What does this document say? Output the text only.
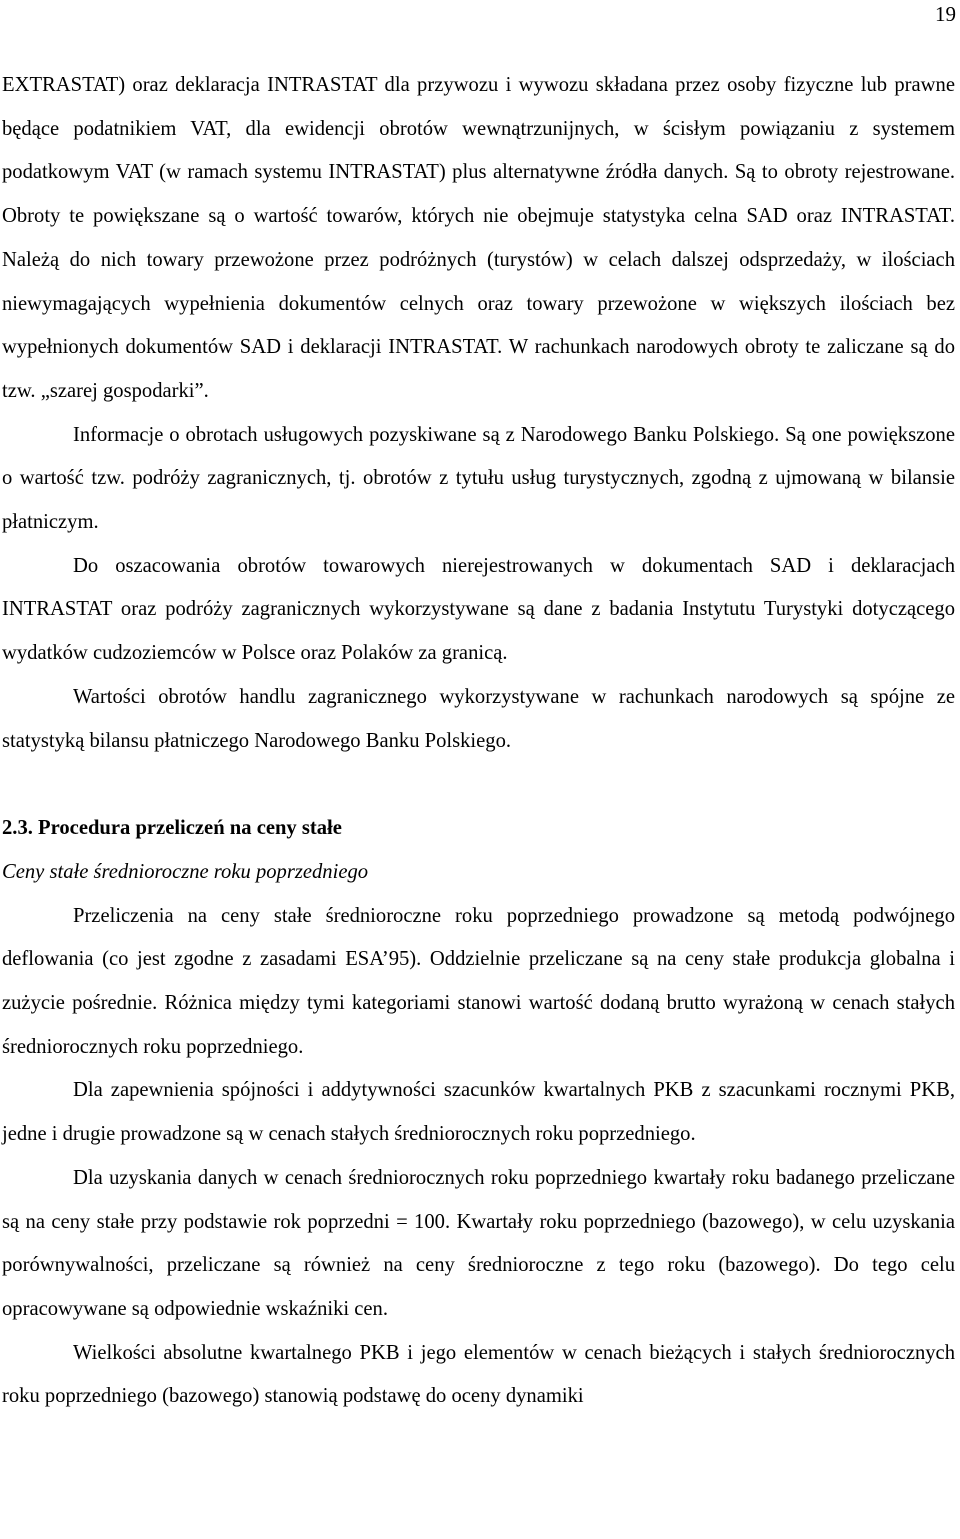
19

EXTRASTAT) oraz deklaracja INTRASTAT dla przywozu i wywozu składana przez osoby fizyczne lub prawne będące podatnikiem VAT, dla ewidencji obrotów wewnątrzunijnych, w ścisłym powiązaniu z systemem podatkowym VAT (w ramach systemu INTRASTAT) plus alternatywne źródła danych. Są to obroty rejestrowane. Obroty te powiększane są o wartość towarów, których nie obejmuje statystyka celna SAD oraz INTRASTAT. Należą do nich towary przewożone przez podróżnych (turystów) w celach dalszej odsprzedaży, w ilościach niewymagających wypełnienia dokumentów celnych oraz towary przewożone w większych ilościach bez wypełnionych dokumentów SAD i deklaracji INTRASTAT. W rachunkach narodowych obroty te zaliczane są do tzw. „szarej gospodarki”.

Informacje o obrotach usługowych pozyskiwane są z Narodowego Banku Polskiego. Są one powiększone o wartość tzw. podróży zagranicznych, tj. obrotów z tytułu usług turystycznych, zgodną z ujmowaną w bilansie płatniczym.

Do oszacowania obrotów towarowych nierejestrowanych w dokumentach SAD i deklaracjach INTRASTAT oraz podróży zagranicznych wykorzystywane są dane z badania Instytutu Turystyki dotyczącego wydatków cudzoziemców w Polsce oraz Polaków za granicą.

Wartości obrotów handlu zagranicznego wykorzystywane w rachunkach narodowych są spójne ze statystyką bilansu płatniczego Narodowego Banku Polskiego.

2.3. Procedura przeliczeń na ceny stałe
Ceny stałe średnioroczne roku poprzedniego

Przeliczenia na ceny stałe średnioroczne roku poprzedniego prowadzone są metodą podwójnego deflowania (co jest zgodne z zasadami ESA’95). Oddzielnie przeliczane są na ceny stałe produkcja globalna i zużycie pośrednie. Różnica między tymi kategoriami stanowi wartość dodaną brutto wyrażoną w cenach stałych średniorocznych roku poprzedniego.

Dla zapewnienia spójności i addytywności szacunków kwartalnych PKB z szacunkami rocznymi PKB, jedne i drugie prowadzone są w cenach stałych średniorocznych roku poprzedniego.

Dla uzyskania danych w cenach średniorocznych roku poprzedniego kwartały roku badanego przeliczane są na ceny stałe przy podstawie rok poprzedni = 100. Kwartały roku poprzedniego (bazowego), w celu uzyskania porównywalności, przeliczane są również na ceny średnioroczne z tego roku (bazowego). Do tego celu opracowywane są odpowiednie wskaźniki cen.

Wielkości absolutne kwartalnego PKB i jego elementów w cenach bieżących i stałych średniorocznych roku poprzedniego (bazowego) stanowią podstawę do oceny dynamiki
